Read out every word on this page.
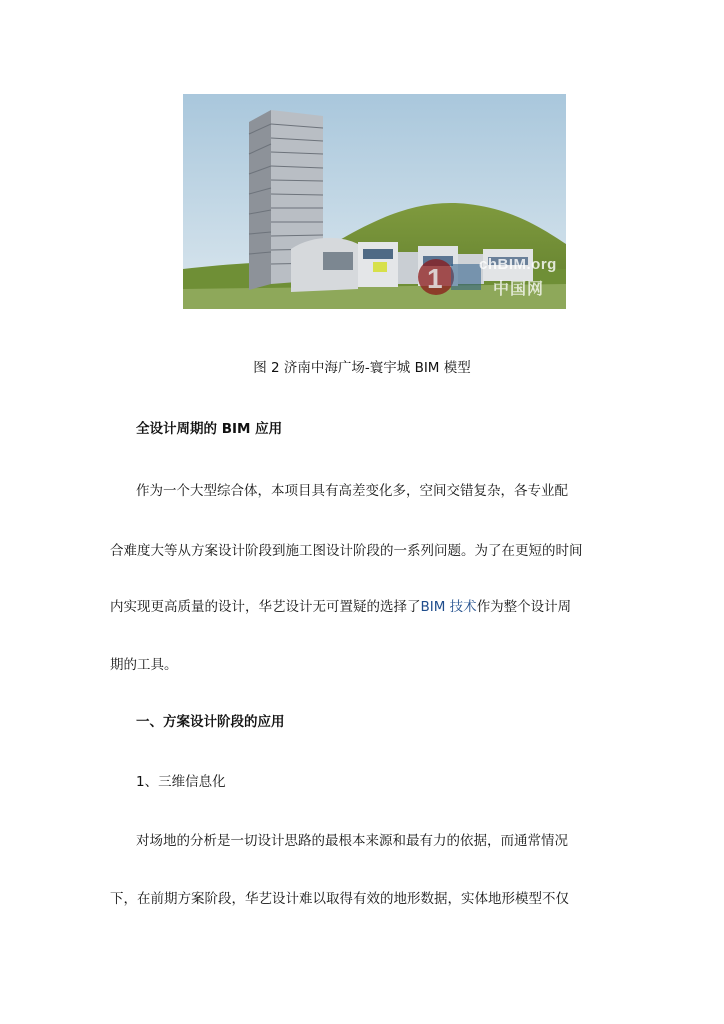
1 chBIM.org
中国网
图 2 济南中海广场-寰宇城 BIM 模型
全设计周期的 BIM 应用
作为一个大型综合体，本项目具有高差变化多，空间交错复杂，各专业配
合难度大等从方案设计阶段到施工图设计阶段的一系列问题。为了在更短的时间
内实现更高质量的设计，华艺设计无可置疑的选择了BIM 技术作为整个设计周
期的工具。
一、方案设计阶段的应用
1、三维信息化
对场地的分析是一切设计思路的最根本来源和最有力的依据，而通常情况
下，在前期方案阶段，华艺设计难以取得有效的地形数据，实体地形模型不仅
